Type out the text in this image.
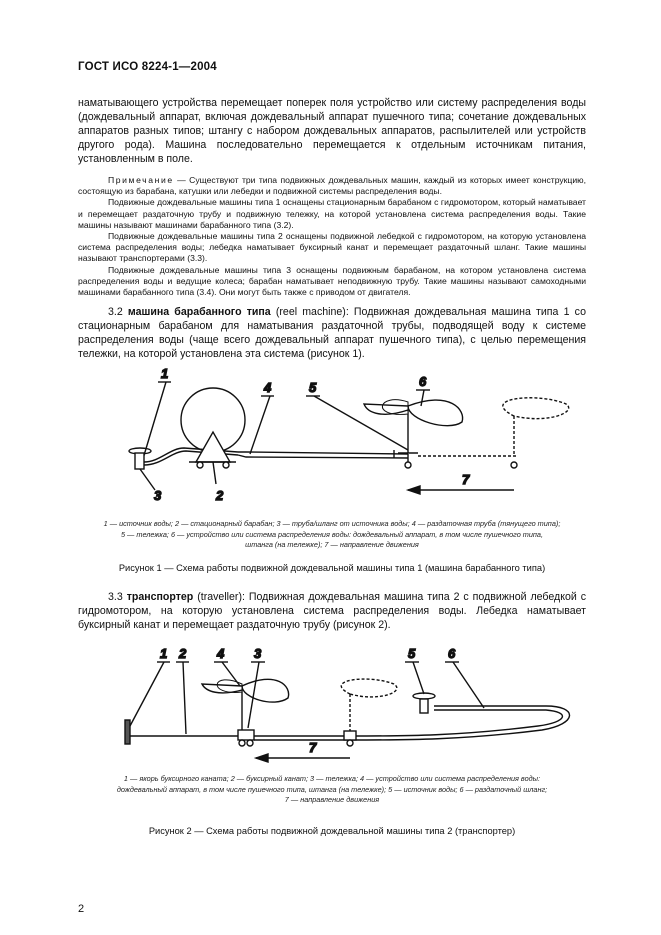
ГОСТ ИСО 8224-1—2004
наматывающего устройства перемещает поперек поля устройство или систему распределения воды (дождевальный аппарат, включая дождевальный аппарат пушечного типа; сочетание дождевальных аппаратов разных типов; штангу с набором дождевальных аппаратов, распылителей или устройств другого рода). Машина последовательно перемещается к отдельным источникам питания, установленным в поле.

Примечание — Существуют три типа подвижных дождевальных машин, каждый из которых имеет конструкцию, состоящую из барабана, катушки или лебедки и подвижной системы распределения воды.

Подвижные дождевальные машины типа 1 оснащены стационарным барабаном с гидромотором, который наматывает и перемещает раздаточную трубу и подвижную тележку, на которой установлена система распределения воды. Такие машины называют машинами барабанного типа (3.2).

Подвижные дождевальные машины типа 2 оснащены подвижной лебедкой с гидромотором, на которую установлена система распределения воды; лебедка наматывает буксирный канат и перемещает раздаточный шланг. Такие машины называют транспортерами (3.3).

Подвижные дождевальные машины типа 3 оснащены подвижным барабаном, на котором установлена система распределения воды и ведущие колеса; барабан наматывает неподвижную трубу. Такие машины называют самоходными машинами барабанного типа (3.4). Они могут быть также с приводом от двигателя.

3.2 машина барабанного типа (reel machine): Подвижная дождевальная машина типа 1 со стационарным барабаном для наматывания раздаточной трубы, подводящей воду к системе распределения воды (чаще всего дождевальный аппарат пушечного типа), с целью перемещения тележки, на которой установлена эта система (рисунок 1).
1
3	2
4	5	6
7
1 — источник воды; 2 — стационарный барабан; 3 — труба/шланг от источника воды; 4 — раздаточная труба (тянущего типа);
5 — тележка; 6 — устройство или система распределения воды: дождевальный аппарат, в том числе пушечного типа,
штанга (на тележке); 7 — направление движения
Рисунок 1 — Схема работы подвижной дождевальной машины типа 1 (машина барабанного типа)
3.3 транспортер (traveller): Подвижная дождевальная машина типа 2 с подвижной лебедкой с гидромотором, на которую установлена система распределения воды. Лебедка наматывает буксирный канат и перемещает раздаточную трубу (рисунок 2).
1 2	3
4	5	6
7
1 — якорь буксирного каната; 2 — буксирный канат; 3 — тележка; 4 — устройство или система распределения воды:
дождевальный аппарат, в том числе пушечного типа, штанга (на тележке); 5 — источник воды; 6 — раздаточный шланг;
7 — направление движения
Рисунок 2 — Схема работы подвижной дождевальной машины типа 2 (транспортер)
2
